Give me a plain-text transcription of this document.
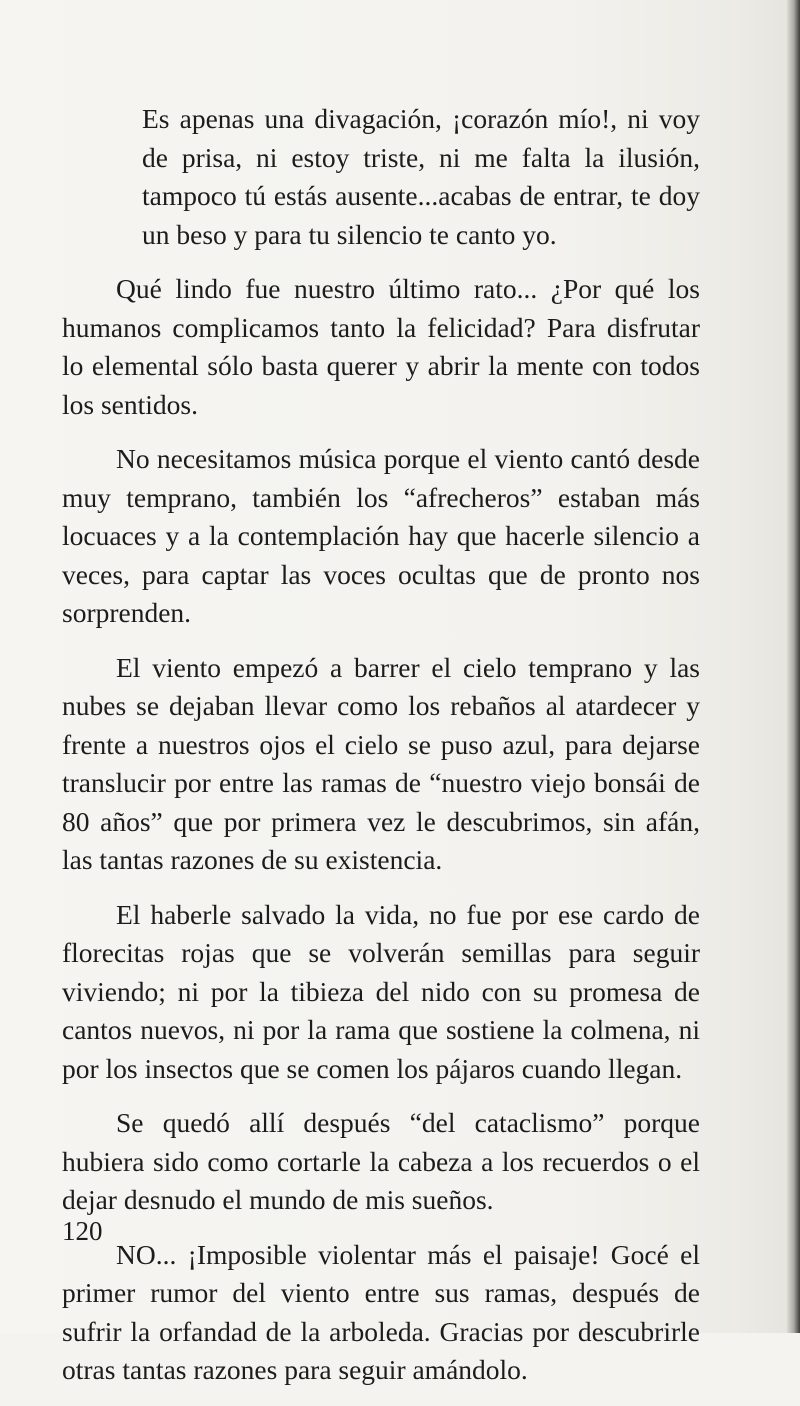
Es apenas una divagación, ¡corazón mío!, ni voy de prisa, ni estoy triste, ni me falta la ilusión, tampoco tú estás ausente...acabas de entrar, te doy un beso y para tu silencio te canto yo.

Qué lindo fue nuestro último rato... ¿Por qué los humanos complicamos tanto la felicidad? Para disfrutar lo elemental sólo basta querer y abrir la mente con todos los sentidos.

No necesitamos música porque el viento cantó desde muy temprano, también los “afrecheros” estaban más locuaces y a la contemplación hay que hacerle silencio a veces, para captar las voces ocultas que de pronto nos sorprenden.

El viento empezó a barrer el cielo temprano y las nubes se dejaban llevar como los rebaños al atardecer y frente a nuestros ojos el cielo se puso azul, para dejarse translucir por entre las ramas de “nuestro viejo bonsái de 80 años” que por primera vez le descubrimos, sin afán, las tantas razones de su existencia.

El haberle salvado la vida, no fue por ese cardo de florecitas rojas que se volverán semillas para seguir viviendo; ni por la tibieza del nido con su promesa de cantos nuevos, ni por la rama que sostiene la colmena, ni por los insectos que se comen los pájaros cuando llegan.

Se quedó allí después “del cataclismo” porque hubiera sido como cortarle la cabeza a los recuerdos o el dejar desnudo el mundo de mis sueños.

NO... ¡Imposible violentar más el paisaje! Gocé el primer rumor del viento entre sus ramas, después de sufrir la orfandad de la arboleda. Gracias por descubrirle otras tantas razones para seguir amándolo.

120
